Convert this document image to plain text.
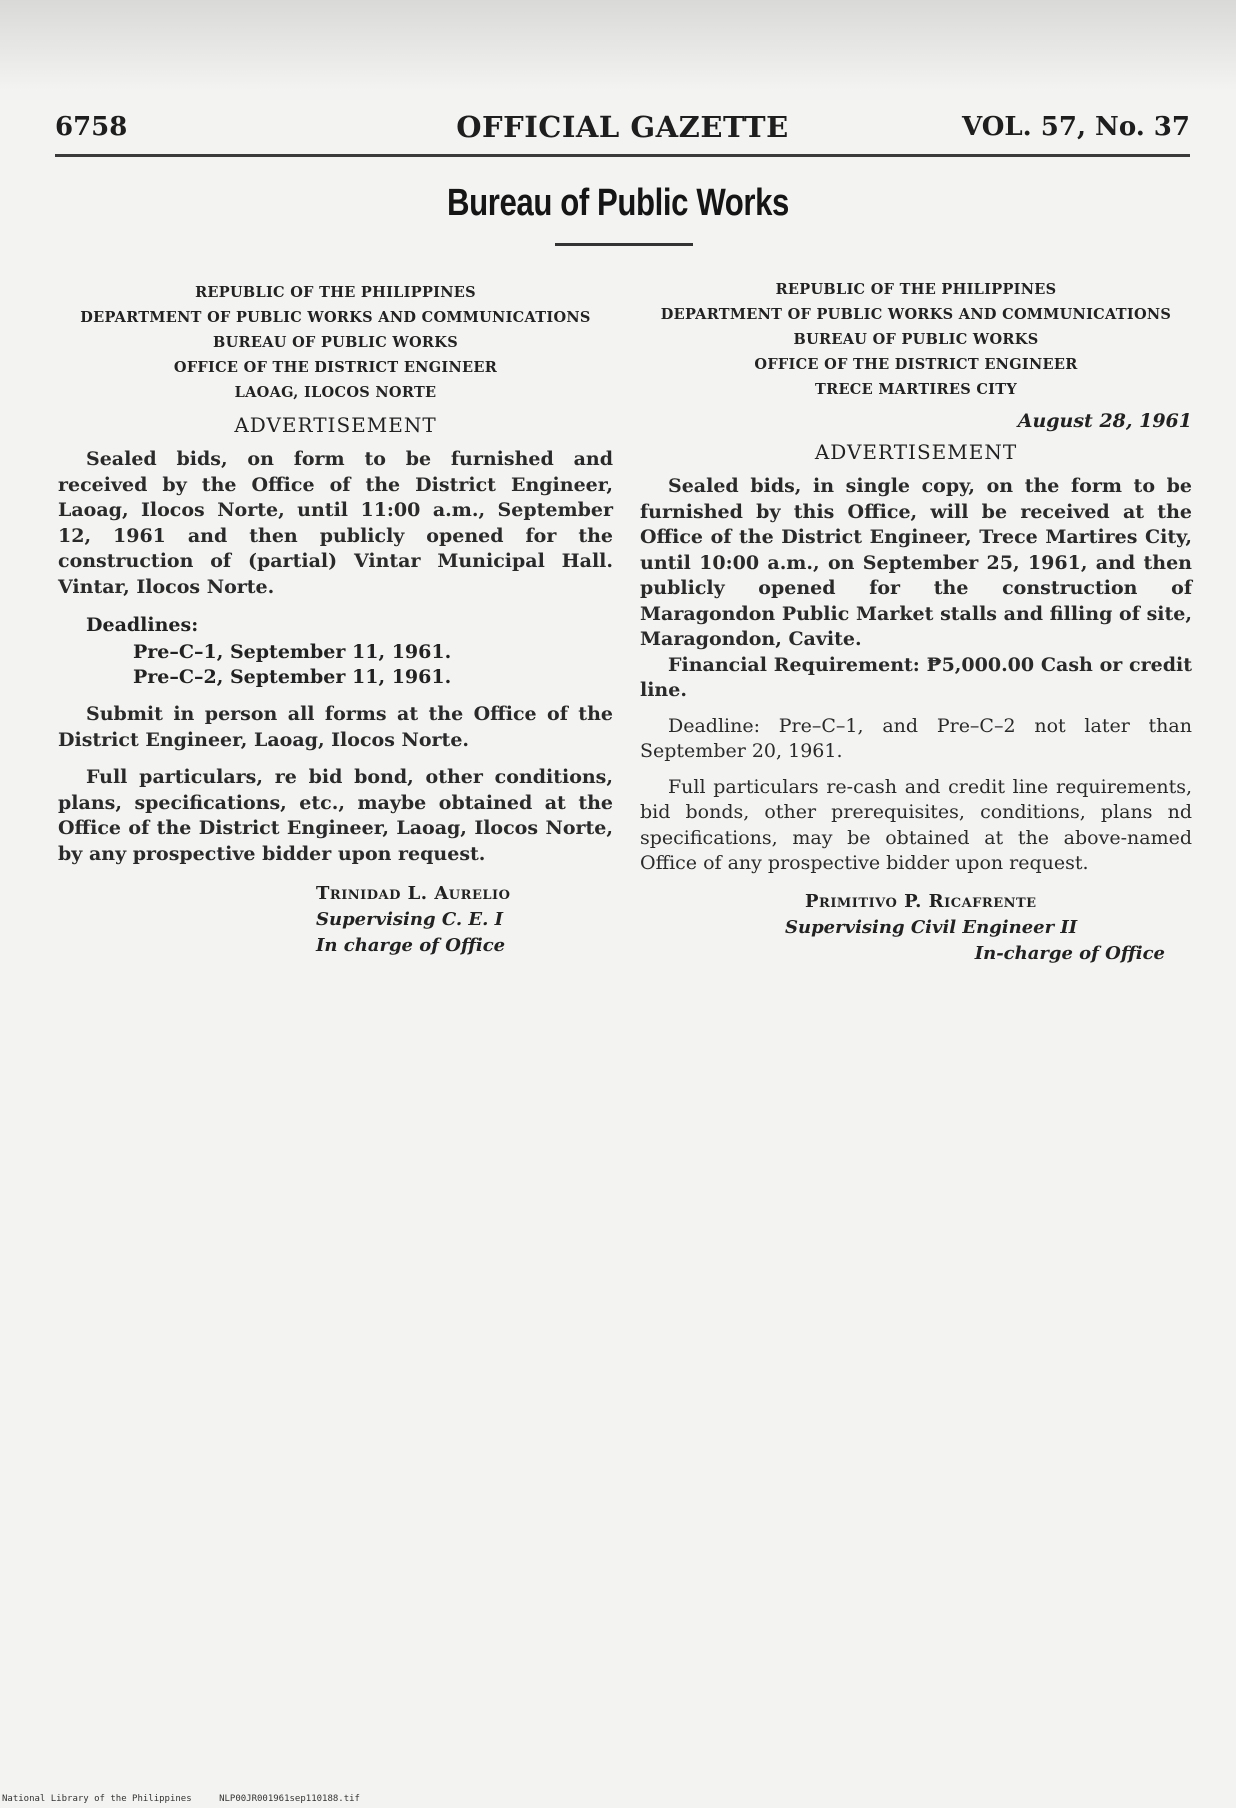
6758	OFFICIAL GAZETTE	VOL. 57, No. 37
Bureau of Public Works
REPUBLIC OF THE PHILIPPINES
DEPARTMENT OF PUBLIC WORKS AND COMMUNICATIONS
BUREAU OF PUBLIC WORKS
OFFICE OF THE DISTRICT ENGINEER
LAOAG, ILOCOS NORTE
ADVERTISEMENT

Sealed bids, on form to be furnished and received by the Office of the District Engineer, Laoag, Ilocos Norte, until 11:00 a.m., September 12, 1961 and then publicly opened for the construction of (partial) Vintar Municipal Hall. Vintar, Ilocos Norte.

Deadlines:
Pre–C–1, September 11, 1961.
Pre–C–2, September 11, 1961.

Submit in person all forms at the Office of the District Engineer, Laoag, Ilocos Norte.

Full particulars, re bid bond, other conditions, plans, specifications, etc., maybe obtained at the Office of the District Engineer, Laoag, Ilocos Norte, by any prospective bidder upon request.

Trinidad L. Aurelio
Supervising C. E. I
In charge of Office
REPUBLIC OF THE PHILIPPINES
DEPARTMENT OF PUBLIC WORKS AND COMMUNICATIONS
BUREAU OF PUBLIC WORKS
OFFICE OF THE DISTRICT ENGINEER
TRECE MARTIRES CITY
August 28, 1961
ADVERTISEMENT

Sealed bids, in single copy, on the form to be furnished by this Office, will be received at the Office of the District Engineer, Trece Martires City, until 10:00 a.m., on September 25, 1961, and then publicly opened for the construction of Maragondon Public Market stalls and filling of site, Maragondon, Cavite.

Financial Requirement: ₱5,000.00 Cash or credit line.

Deadline: Pre–C–1, and Pre–C–2 not later than September 20, 1961.

Full particulars re-cash and credit line requirements, bid bonds, other prerequisites, conditions, plans nd specifications, may be obtained at the above-named Office of any prospective bidder upon request.

Primitivo P. Ricafrente
Supervising Civil Engineer II
In-charge of Office
National Library of the Philippines	NLP00JR001961sep110188.tif
